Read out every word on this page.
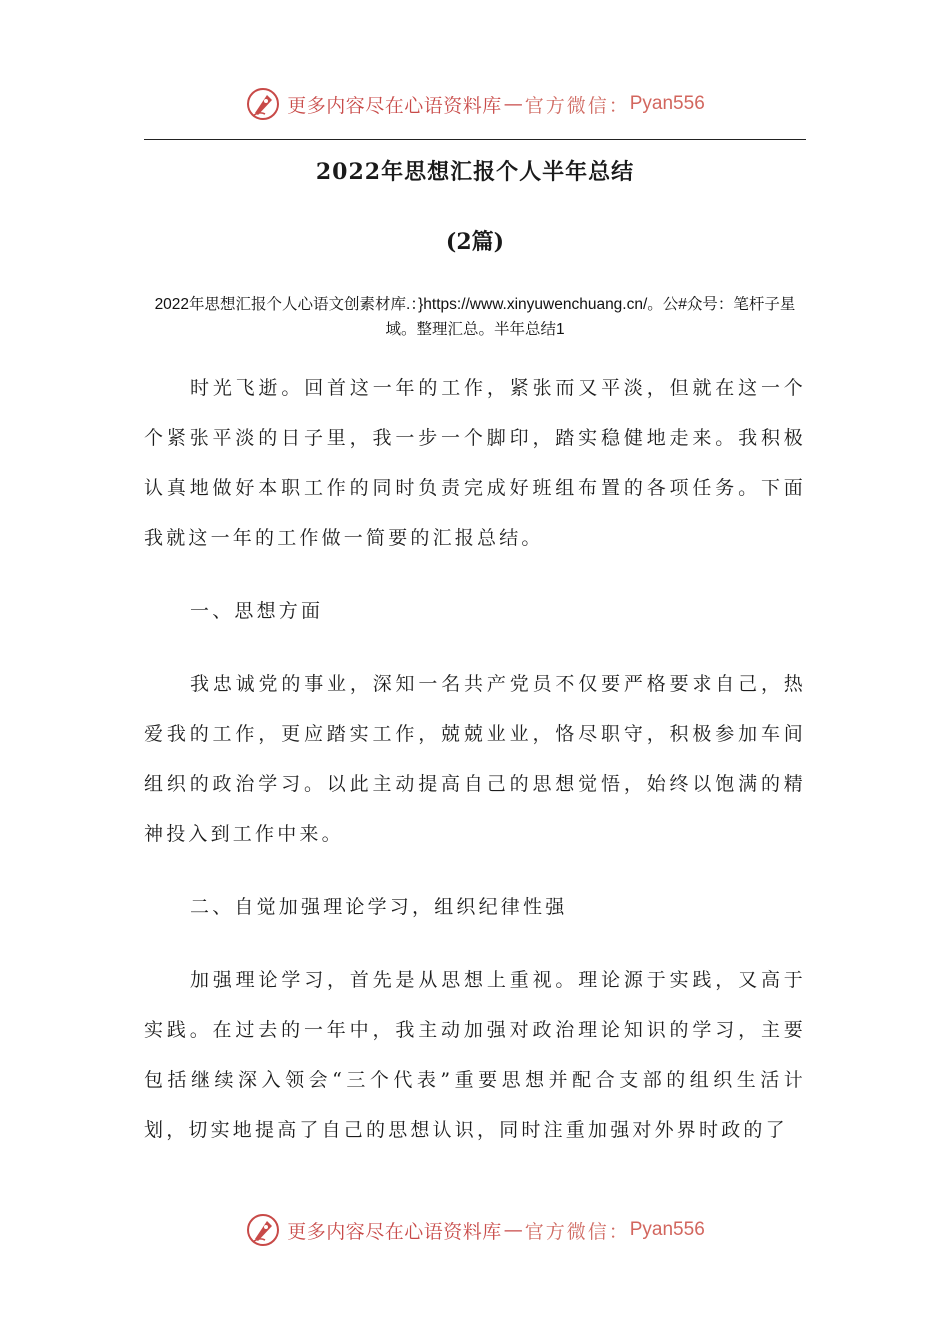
更多内容尽在心语资料库 — 官方微信： Pyan556
2022年思想汇报个人半年总结
(2篇)
2022年思想汇报个人心语文创素材库.：}https://www.xinyuwenchuang.cn/。公#众号：笔杆子星域。整理汇总。半年总结1

时光飞逝。回首这一年的工作，紧张而又平淡，但就在这一个个紧张平淡的日子里，我一步一个脚印，踏实稳健地走来。我积极认真地做好本职工作的同时负责完成好班组布置的各项任务。下面我就这一年的工作做一简要的汇报总结。

一、思想方面

我忠诚党的事业，深知一名共产党员不仅要严格要求自己，热爱我的工作，更应踏实工作，兢兢业业，恪尽职守，积极参加车间组织的政治学习。以此主动提高自己的思想觉悟，始终以饱满的精神投入到工作中来。

二、自觉加强理论学习，组织纪律性强

加强理论学习，首先是从思想上重视。理论源于实践，又高于实践。在过去的一年中，我主动加强对政治理论知识的学习，主要包括继续深入领会“三个代表”重要思想并配合支部的组织生活计划，切实地提高了自己的思想认识，同时注重加强对外界时政的了

更多内容尽在心语资料库 — 官方微信： Pyan556
